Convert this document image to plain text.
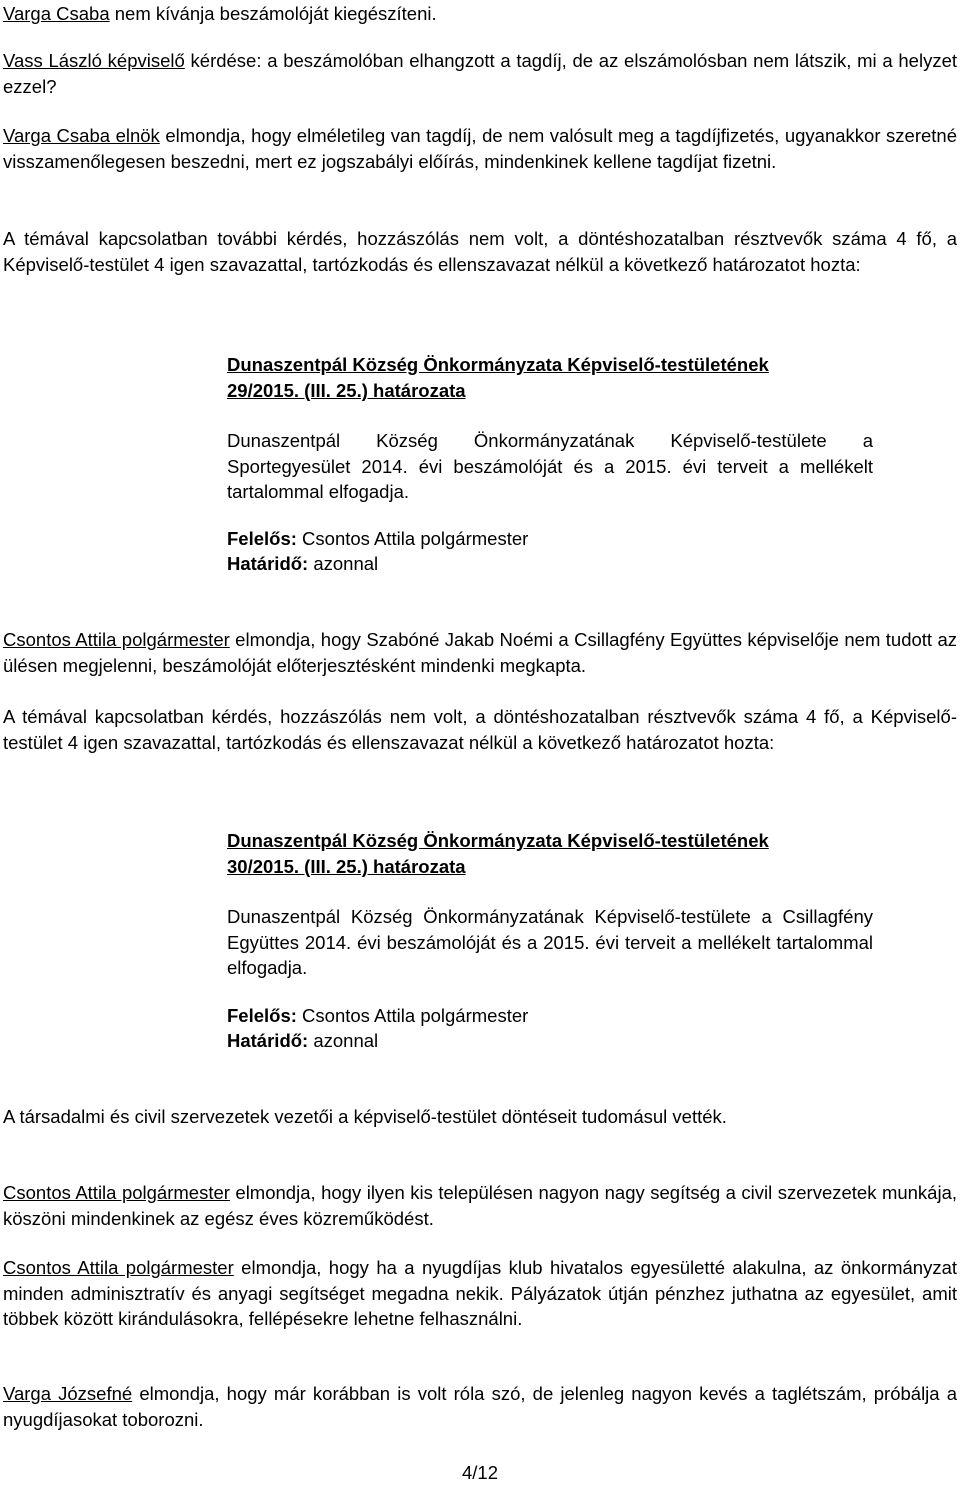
Varga Csaba nem kívánja beszámolóját kiegészíteni.

Vass László képviselő kérdése: a beszámolóban elhangzott a tagdíj, de az elszámolósban nem látszik, mi a helyzet ezzel?

Varga Csaba elnök elmondja, hogy elméletileg van tagdíj, de nem valósult meg a tagdíjfizetés, ugyanakkor szeretné visszamenőlegesen beszedni, mert ez jogszabályi előírás, mindenkinek kellene tagdíjat fizetni.

A témával kapcsolatban további kérdés, hozzászólás nem volt, a döntéshozatalban résztvevők száma 4 fő, a Képviselő-testület 4 igen szavazattal, tartózkodás és ellenszavazat nélkül a következő határozatot hozta:

Dunaszentpál Község Önkormányzata Képviselő-testületének
29/2015. (III. 25.) határozata

Dunaszentpál Község Önkormányzatának Képviselő-testülete a Sportegyesület 2014. évi beszámolóját és a 2015. évi terveit a mellékelt tartalommal elfogadja.

Felelős: Csontos Attila polgármester

Határidő: azonnal

Csontos Attila polgármester elmondja, hogy Szabóné Jakab Noémi a Csillagfény Együttes képviselője nem tudott az ülésen megjelenni, beszámolóját előterjesztésként mindenki megkapta.

A témával kapcsolatban kérdés, hozzászólás nem volt, a döntéshozatalban résztvevők száma 4 fő, a Képviselő-testület 4 igen szavazattal, tartózkodás és ellenszavazat nélkül a következő határozatot hozta:

Dunaszentpál Község Önkormányzata Képviselő-testületének
30/2015. (III. 25.) határozata

Dunaszentpál Község Önkormányzatának Képviselő-testülete a Csillagfény Együttes 2014. évi beszámolóját és a 2015. évi terveit a mellékelt tartalommal elfogadja.

Felelős: Csontos Attila polgármester

Határidő: azonnal

A társadalmi és civil szervezetek vezetői a képviselő-testület döntéseit tudomásul vették.

Csontos Attila polgármester elmondja, hogy ilyen kis településen nagyon nagy segítség a civil szervezetek munkája, köszöni mindenkinek az egész éves közreműködést.

Csontos Attila polgármester elmondja, hogy ha a nyugdíjas klub hivatalos egyesületté alakulna, az önkormányzat minden adminisztratív és anyagi segítséget megadna nekik. Pályázatok útján pénzhez juthatna az egyesület, amit többek között kirándulásokra, fellépésekre lehetne felhasználni.

Varga Józsefné elmondja, hogy már korábban is volt róla szó, de jelenleg nagyon kevés a taglétszám, próbálja a nyugdíjasokat toborozni.

4/12
